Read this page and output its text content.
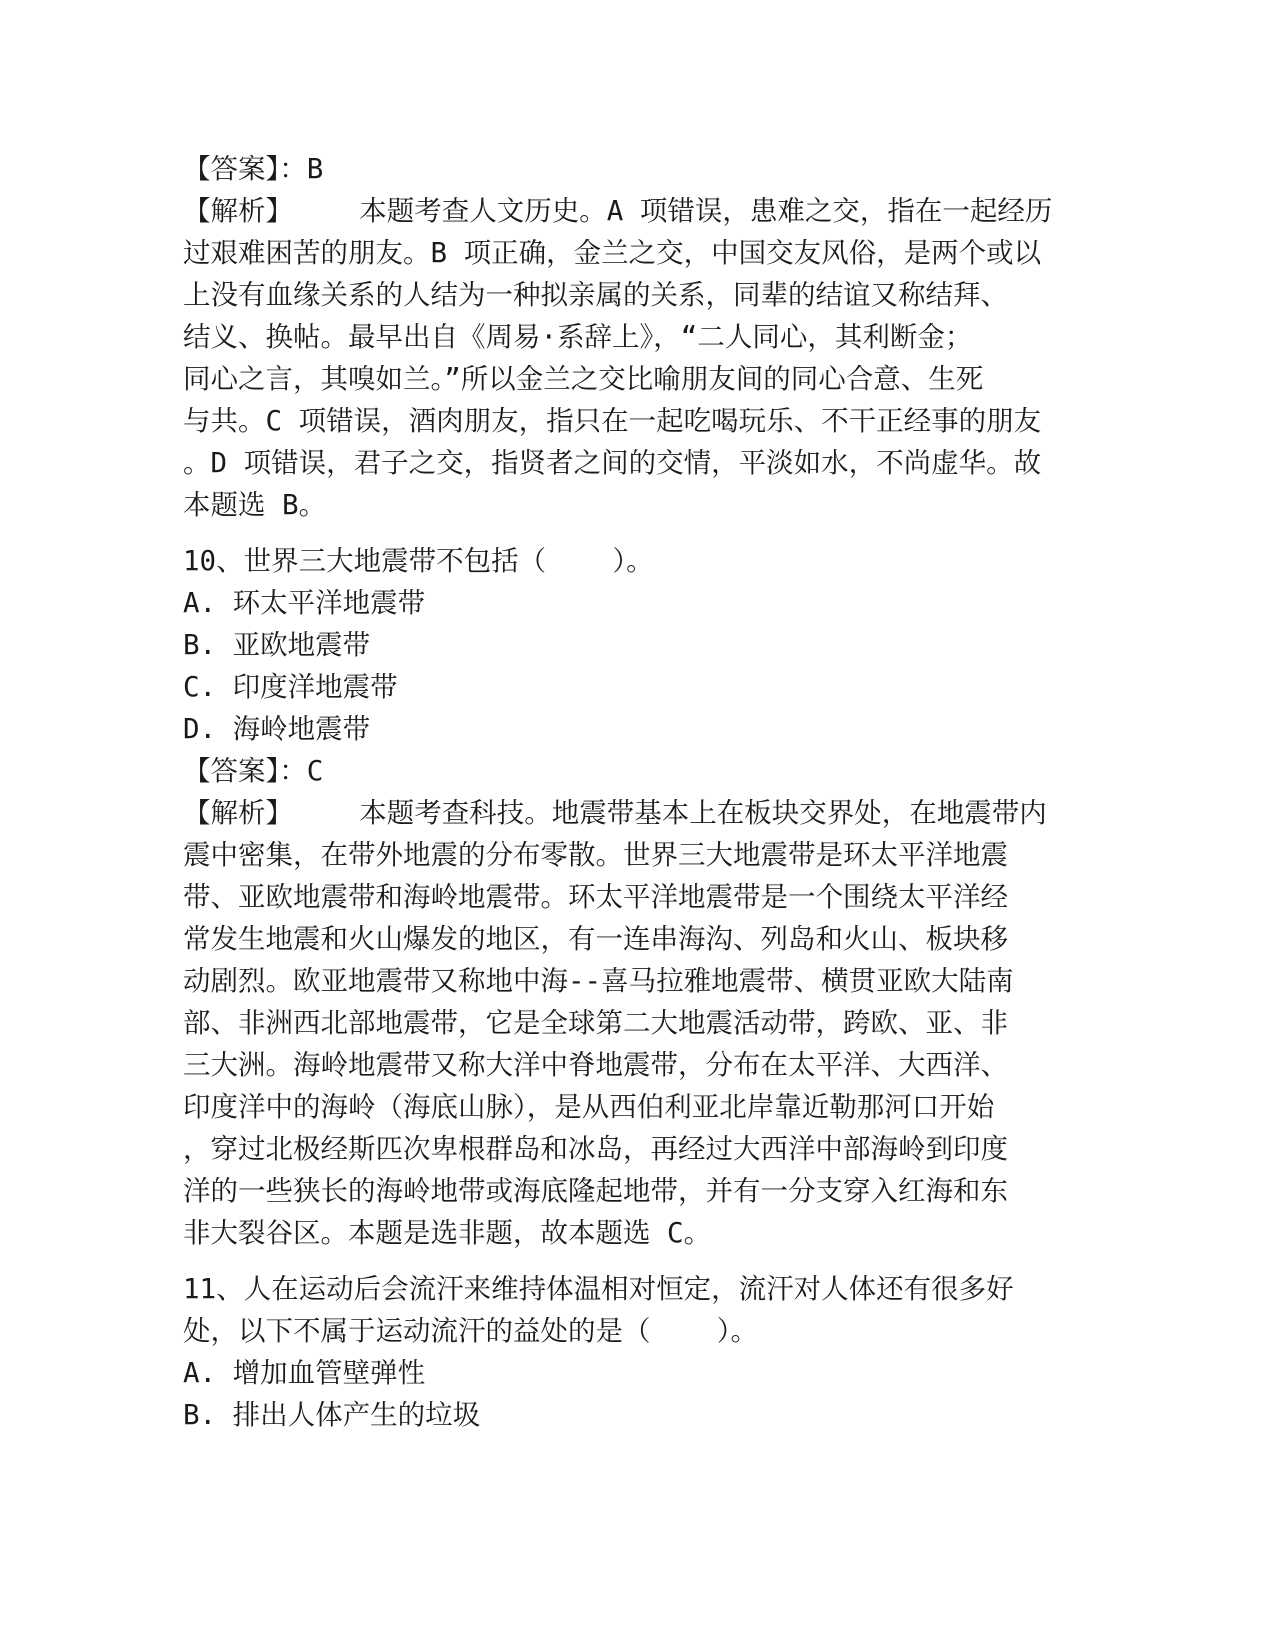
【答案】：B
【解析】    本题考查人文历史。A 项错误，患难之交，指在一起经历
过艰难困苦的朋友。B 项正确，金兰之交，中国交友风俗，是两个或以
上没有血缘关系的人结为一种拟亲属的关系，同辈的结谊又称结拜、
结义、换帖。最早出自《周易·系辞上》，“二人同心，其利断金；
同心之言，其嗅如兰。”所以金兰之交比喻朋友间的同心合意、生死
与共。C 项错误，酒肉朋友，指只在一起吃喝玩乐、不干正经事的朋友
。D 项错误，君子之交，指贤者之间的交情，平淡如水，不尚虚华。故
本题选 B。
10、世界三大地震带不包括（    ）。
A. 环太平洋地震带
B. 亚欧地震带
C. 印度洋地震带
D. 海岭地震带
【答案】：C
【解析】    本题考查科技。地震带基本上在板块交界处，在地震带内
震中密集，在带外地震的分布零散。世界三大地震带是环太平洋地震
带、亚欧地震带和海岭地震带。环太平洋地震带是一个围绕太平洋经
常发生地震和火山爆发的地区，有一连串海沟、列岛和火山、板块移
动剧烈。欧亚地震带又称地中海--喜马拉雅地震带、横贯亚欧大陆南
部、非洲西北部地震带，它是全球第二大地震活动带，跨欧、亚、非
三大洲。海岭地震带又称大洋中脊地震带，分布在太平洋、大西洋、
印度洋中的海岭（海底山脉），是从西伯利亚北岸靠近勒那河口开始
，穿过北极经斯匹次卑根群岛和冰岛，再经过大西洋中部海岭到印度
洋的一些狭长的海岭地带或海底隆起地带，并有一分支穿入红海和东
非大裂谷区。本题是选非题，故本题选 C。
11、人在运动后会流汗来维持体温相对恒定，流汗对人体还有很多好
处，以下不属于运动流汗的益处的是（    ）。
A. 增加血管壁弹性
B. 排出人体产生的垃圾
